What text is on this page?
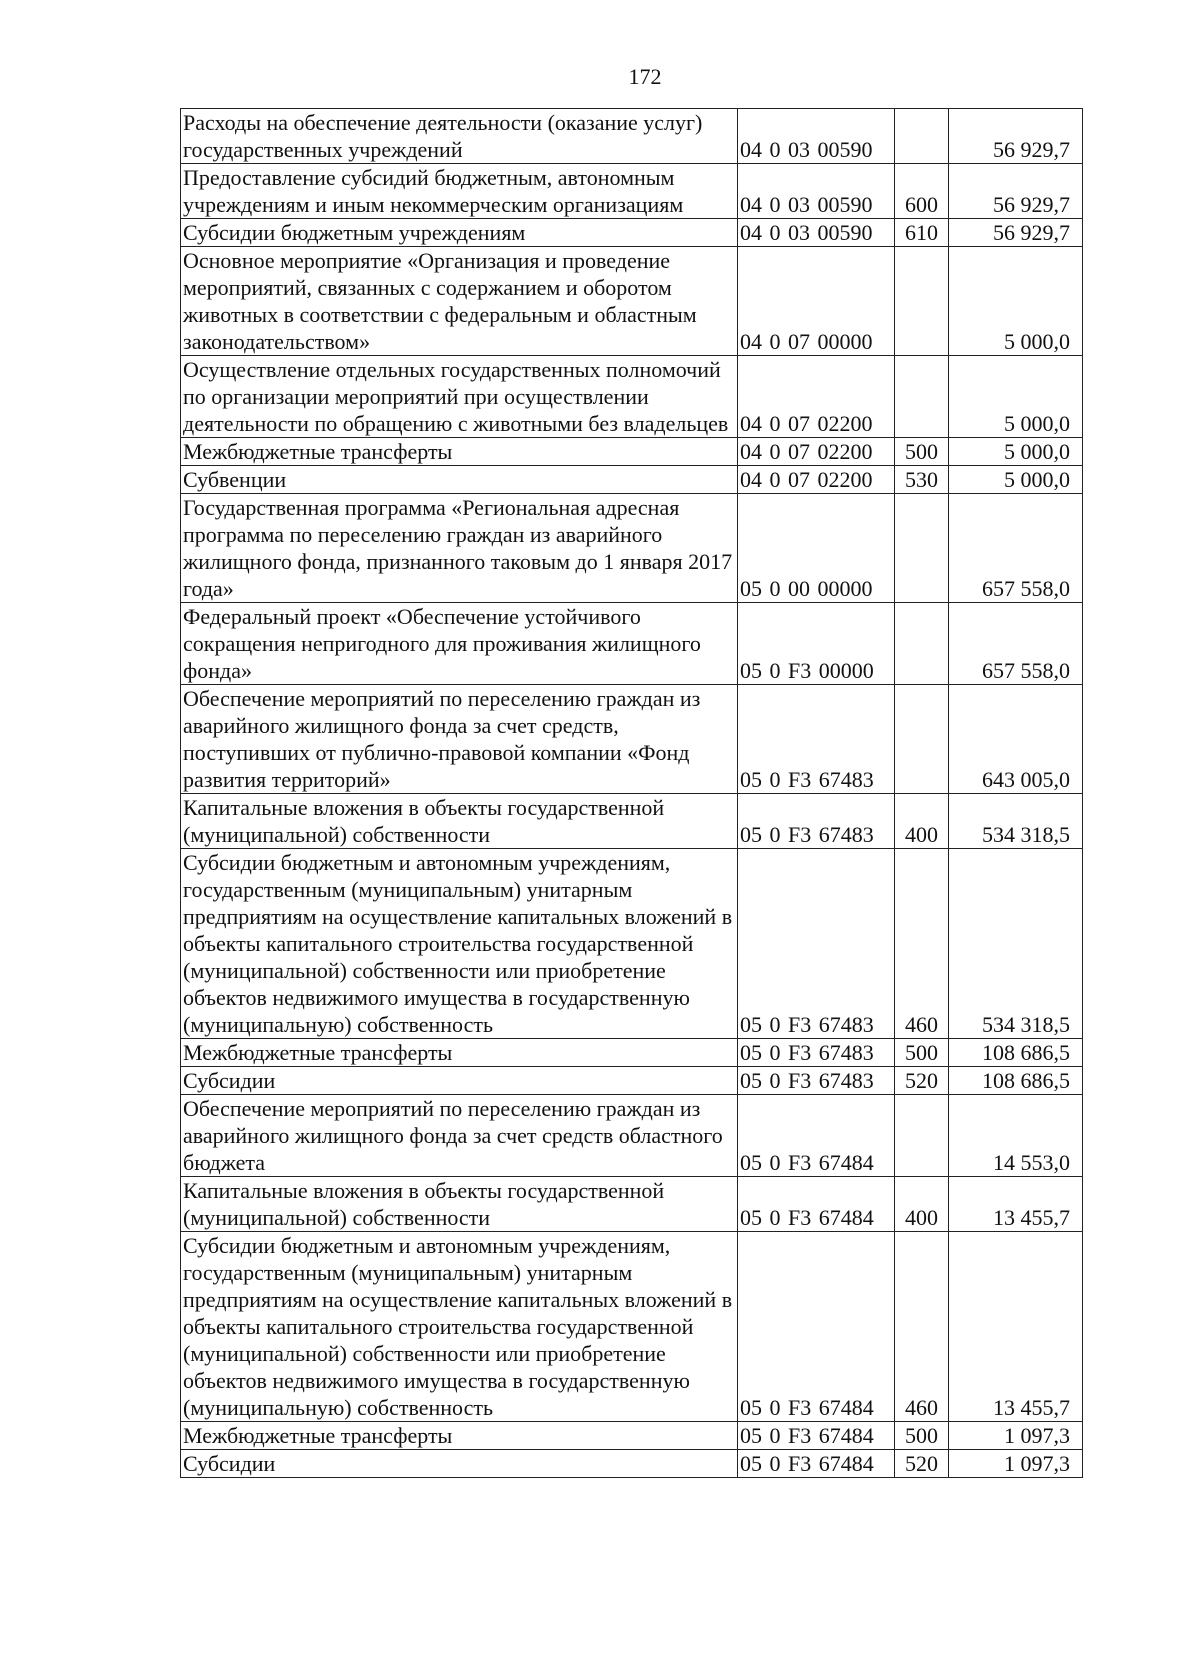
172
Расходы на обеспечение деятельности (оказание услуг) государственных учреждений	04 0 03 00590		56 929,7
Предоставление субсидий бюджетным, автономным учреждениям и иным некоммерческим организациям	04 0 03 00590	600	56 929,7
Субсидии бюджетным учреждениям	04 0 03 00590	610	56 929,7
Основное мероприятие «Организация и проведение мероприятий, связанных с содержанием и оборотом животных в соответствии с федеральным и областным законодательством»	04 0 07 00000		5 000,0
Осуществление отдельных государственных полномочий по организации мероприятий при осуществлении деятельности по обращению с животными без владельцев	04 0 07 02200		5 000,0
Межбюджетные трансферты	04 0 07 02200	500	5 000,0
Субвенции	04 0 07 02200	530	5 000,0
Государственная программа «Региональная адресная программа по переселению граждан из аварийного жилищного фонда, признанного таковым до 1 января 2017 года»	05 0 00 00000		657 558,0
Федеральный проект «Обеспечение устойчивого сокращения непригодного для проживания жилищного фонда»	05 0 F3 00000		657 558,0
Обеспечение мероприятий по переселению граждан из аварийного жилищного фонда за счет средств, поступивших от публично-правовой компании «Фонд развития территорий»	05 0 F3 67483		643 005,0
Капитальные вложения в объекты государственной (муниципальной) собственности	05 0 F3 67483	400	534 318,5
Субсидии бюджетным и автономным учреждениям, государственным (муниципальным) унитарным предприятиям на осуществление капитальных вложений в объекты капитального строительства государственной (муниципальной) собственности или приобретение объектов недвижимого имущества в государственную (муниципальную) собственность	05 0 F3 67483	460	534 318,5
Межбюджетные трансферты	05 0 F3 67483	500	108 686,5
Субсидии	05 0 F3 67483	520	108 686,5
Обеспечение мероприятий по переселению граждан из аварийного жилищного фонда за счет средств областного бюджета	05 0 F3 67484		14 553,0
Капитальные вложения в объекты государственной (муниципальной) собственности	05 0 F3 67484	400	13 455,7
Субсидии бюджетным и автономным учреждениям, государственным (муниципальным) унитарным предприятиям на осуществление капитальных вложений в объекты капитального строительства государственной (муниципальной) собственности или приобретение объектов недвижимого имущества в государственную (муниципальную) собственность	05 0 F3 67484	460	13 455,7
Межбюджетные трансферты	05 0 F3 67484	500	1 097,3
Субсидии	05 0 F3 67484	520	1 097,3
